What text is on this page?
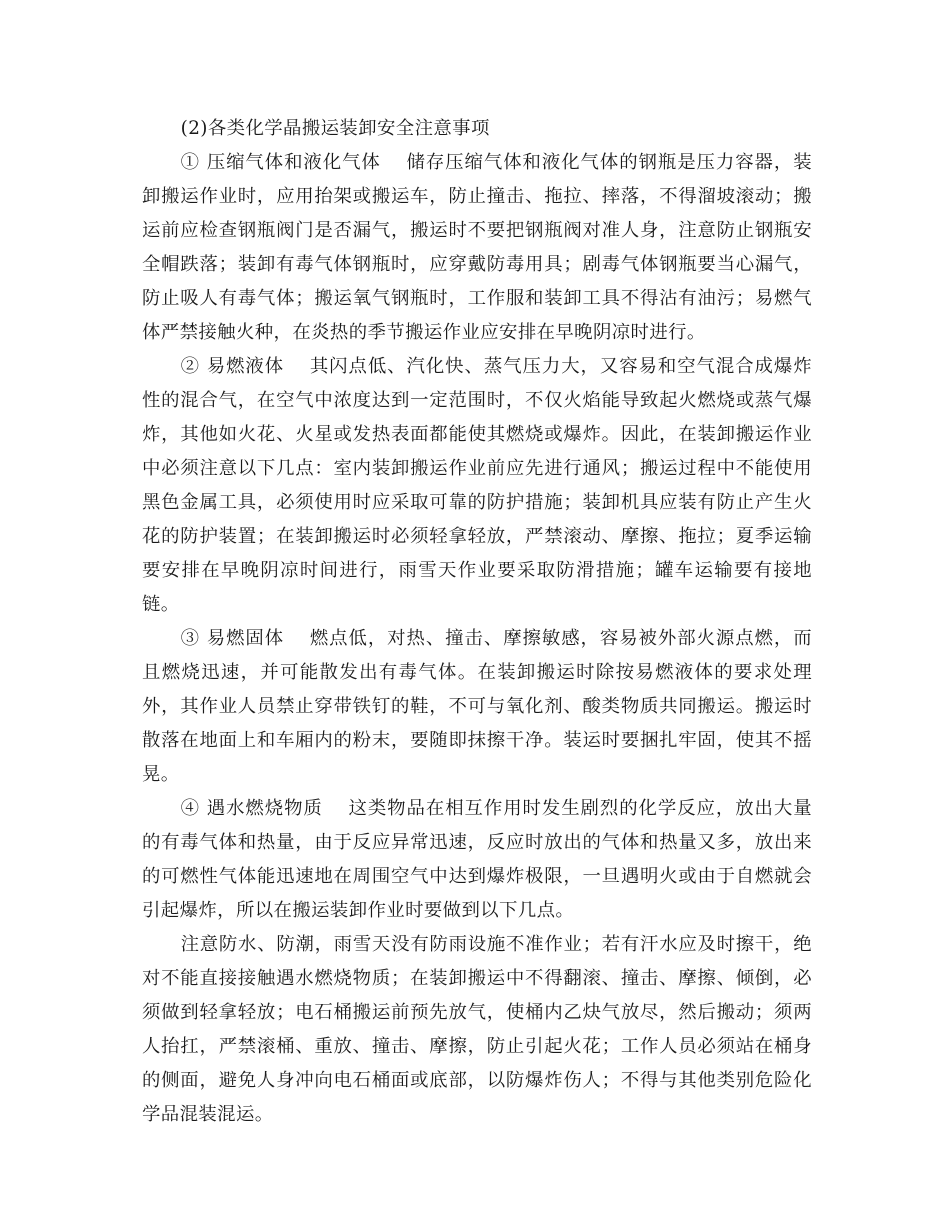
(2)各类化学晶搬运装卸安全注意事项

① 压缩气体和液化气体 储存压缩气体和液化气体的钢瓶是压力容器，装卸搬运作业时，应用抬架或搬运车，防止撞击、拖拉、摔落，不得溜坡滚动；搬运前应检查钢瓶阀门是否漏气，搬运时不要把钢瓶阀对准人身，注意防止钢瓶安全帽跌落；装卸有毒气体钢瓶时，应穿戴防毒用具；剧毒气体钢瓶要当心漏气，防止吸人有毒气体；搬运氧气钢瓶时，工作服和装卸工具不得沾有油污；易燃气体严禁接触火种，在炎热的季节搬运作业应安排在早晚阴凉时进行。

② 易燃液体 其闪点低、汽化快、蒸气压力大，又容易和空气混合成爆炸性的混合气，在空气中浓度达到一定范围时，不仅火焰能导致起火燃烧或蒸气爆炸，其他如火花、火星或发热表面都能使其燃烧或爆炸。因此，在装卸搬运作业中必须注意以下几点：室内装卸搬运作业前应先进行通风；搬运过程中不能使用黑色金属工具，必须使用时应采取可靠的防护措施；装卸机具应装有防止产生火花的防护装置；在装卸搬运时必须轻拿轻放，严禁滚动、摩擦、拖拉；夏季运输要安排在早晚阴凉时间进行，雨雪天作业要采取防滑措施；罐车运输要有接地链。

③ 易燃固体 燃点低，对热、撞击、摩擦敏感，容易被外部火源点燃，而且燃烧迅速，并可能散发出有毒气体。在装卸搬运时除按易燃液体的要求处理外，其作业人员禁止穿带铁钉的鞋，不可与氧化剂、酸类物质共同搬运。搬运时散落在地面上和车厢内的粉末，要随即抹擦干净。装运时要捆扎牢固，使其不摇晃。

④ 遇水燃烧物质 这类物品在相互作用时发生剧烈的化学反应，放出大量的有毒气体和热量，由于反应异常迅速，反应时放出的气体和热量又多，放出来的可燃性气体能迅速地在周围空气中达到爆炸极限，一旦遇明火或由于自燃就会引起爆炸，所以在搬运装卸作业时要做到以下几点。

注意防水、防潮，雨雪天没有防雨设施不准作业；若有汗水应及时擦干，绝对不能直接接触遇水燃烧物质；在装卸搬运中不得翻滚、撞击、摩擦、倾倒，必须做到轻拿轻放；电石桶搬运前预先放气，使桶内乙炔气放尽，然后搬动；须两人抬扛，严禁滚桶、重放、撞击、摩擦，防止引起火花；工作人员必须站在桶身的侧面，避免人身冲向电石桶面或底部，以防爆炸伤人；不得与其他类别危险化学品混装混运。
